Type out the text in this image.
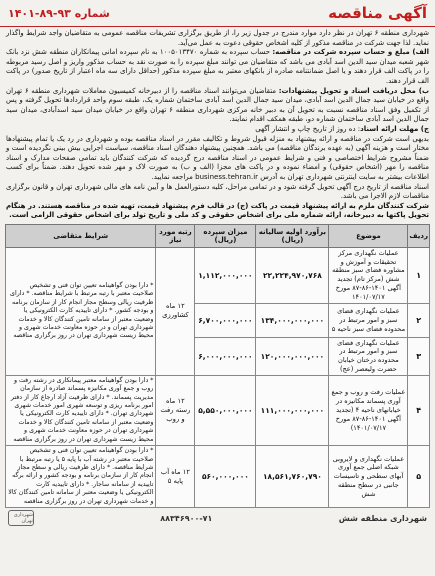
آگهی مناقصه
شماره ۹۳-۸۹-۱۴۰۱

شهرداری منطقه ۶ تهران در نظر دارد موارد مندرج در جدول زیر را، از طریق برگزاری تشریفات مناقصه عمومی به متقاضیان واجد شرایط واگذار نماید. لذا جهت شرکت در مناقصه مذکور از کلیه اشخاص حقوقی دعوت به عمل می‌آید.

الف) مبلغ و حساب سپرده شرکت در مناقصه: حساب سپرده به شماره ۱۰۰۵۰۱۳۴۷۰ به نام سپرده امانی پیمانکاران منطقه شش نزد بانک شهر شعبه میدان سید الدین اسد آبادی می باشد که متقاضیان می توانند مبلغ سپرده را به صورت نقد به حساب مذکور واریز و اصل رسید مربوطه را در پاکت الف قرار دهند و یا اصل ضمانتنامه صادره از بانکهای معتبر به مبلغ سپرده مذکور (حداقل دارای سه ماه اعتبار از تاریخ صدور) در پاکت الف قرار دهند.

ب) محل دریافت اسناد و تحویل پیشنهادات: متقاضیان می‌توانند اسناد مناقصه را از دبیرخانه کمیسیون معاملات شهرداری منطقه ۶ تهران واقع در خیابان سید جمال الدین اسد آبادی، میدان سید جمال الدین اسد آبادی ساختمان شماره یک، طبقه سوم واحد قراردادها تحویل گرفته و پس از تکمیل وفق اسناد مناقصه نسبت به تحویل آن به دبیر خانه مرکزی شهرداری منطقه ۶ تهران واقع در خیابان میدان سید اسدآبادی، میدان سید جمال الدین اسد آبادی ساختمان شماره دو، طبقه همکف اقدام نمایند.

ج) مهلت ارائه اسناد: ده روز از تاریخ چاپ و انتشار آگهی

بدیهی است شرکت در مناقصه و ارائه پیشنهاد به منزله قبول شروط و تکالیف مقرر در اسناد مناقصه بوده و شهرداری در رد یک یا تمام پیشنهادها مختار است و هزینه آگهی (به عهده برندگان مناقصه) می باشد. همچنین پیشنهاد دهندگان اسناد مناقصه، سیاست اجرایی بیش بینی نگردیده است و ضمناً مشروح شرایط اختصاصی و فنی و شرایط عمومی در اسناد مناقصه درج گردیده که شرکت کنندگان باید تمامی صفحات مدارک و اسناد مناقصه را مهر (اشخاص حقوقی) و امضاء نموده و در پاکت های مجزا (الف و ب) به صورت لاک و مهر شده تحویل دهند. ضمناً برای کسب اطلاعات بیشتر به سایت اینترنتی شهرداری تهران به آدرس business.tehran.ir مراجعه نمایید.

اسناد مناقصه از تاریخ درج آگهی تحویل گرفته شود و در تمامی مراحل، کلیه دستورالعمل ها و آیین نامه های مالی شهرداری تهران و قانون برگزاری مناقصات لازم الاجرا می باشد.

شرکت کنندگان ملزم به ارائه پیشنهاد قیمت در پاکت (ج) در قالب فرم پیشنهاد قیمت، تهیه شده در مناقصه هستند. در هنگام تحویل پاکتها به دبیرخانه، ارائه شماره ملی برای اشخاص حقوقی و کد ملی و تاریخ تولد برای اشخاص حقوقی الزامی است.

ردیف	موضوع	برآورد اولیه سالیانه (ریال)	میزان سپرده (ریال)	رتبه مورد نیاز	شرایط متقاضی
۱	عملیات نگهداری مرکز تحقیقات و آموزش و مشاوره فضای سبز منطقه شش (مرکز تام) تجدید آگهی ۱۴۰۱-۸۶-۸۷ مورخ ۱۴۰۱/۰۷/۱۷	۲۲,۲۲۴,۹۷۰,۷۶۸	۱,۱۱۲,۰۰۰,۰۰۰	۱۲ ماه کشاورزی	* دارا بودن گواهینامه تعیین توان فنی و تشخیص صلاحیت معتبر با رتبه مرتبط با شرایط مناقصه. * دارای ظرفیت ریالی وسطح مجاز انجام کار از سازمان برنامه و بودجه کشور. * دارای تاییدیه کارت الکترونیکی یا وضعیت معتبر از سامانه تامین کنندگان کالا و خدمات شهرداری تهران و در حوزه معاونت خدمات شهری و محیط زیست شهرداری تهران در روز برگزاری مناقصه
۲	عملیات نگهداری فضای سبز و امور مرتبط در محدوده فضای سبز ناحیه ۵	۱۳۴,۰۰۰,۰۰۰,۰۰۰	۶,۷۰۰,۰۰۰,۰۰۰		
۳	عملیات نگهداری فضای سبز و امور مرتبط در محدوده درختان خیابان حضرت ولیعصر (عج)	۱۲۰,۰۰۰,۰۰۰,۰۰۰	۶,۰۰۰,۰۰۰,۰۰۰		
۴	عملیات رفت و روب و جمع آوری پسماند مکانیزه در خیابانهای ناحیه ۴ (تجدید آگهی ۱۴۰۱-۸۶-۸۷ مورخ ۱۴۰۱/۰۷/۱۷)	۱۱۱,۰۰۰,۰۰۰,۰۰۰	۵,۵۵۰,۰۰۰,۰۰۰	۱۲ ماه رسته رفت و روب	* دارا بودن گواهینامه معتبر پیمانکاری در رشته رفت و روب و جمع آوری مکانیزه پسماند صادره از سازمان مدیریت پسماند. * دارای ظرفیت آزاد ارجاع کار از دفتر امور برنامه ریزی و توسعه شهری امور خدمات شهری شهرداری تهران. * دارای تاییدیه کارت الکترونیکی یا وضعیت معتبر از سامانه تامین کنندگان کالا و خدمات شهرداری تهران در حوزه معاونت خدمات شهری و محیط زیست شهرداری تهران در روز برگزاری مناقصه
۵	عملیات نگهداری و لایروبی شبکه اصلی جمع آوری آبهای سطحی و تاسیسات جانبی در سطح منطقه شش	۱۸,۵۶۱,۷۶۰,۷۹۰	۵۶۰,۰۰۰,۰۰۰	۱۲ ماه آب پایه ۵	* دارا بودن گواهینامه تعیین توان فنی و تشخیص صلاحیت معتبر در رشته آب با پایه ۵ یا رتبه مرتبط با شرایط مناقصه. * دارای ظرفیت ریالی و سطح مجاز انجام کار از سازمان برنامه و بودجه کشور و ارائه برگه تاییدیه از سامانه ساجار. * دارای تاییدیه کارت الکترونیکی یا وضعیت معتبر از سامانه تامین کنندگان کالا و خدمات شهرداری تهران در روز برگزاری مناقصه
شهرداری منطقه شش
۸۸۳۴۶۹۰۰-۷۱
شهرداری تهران
